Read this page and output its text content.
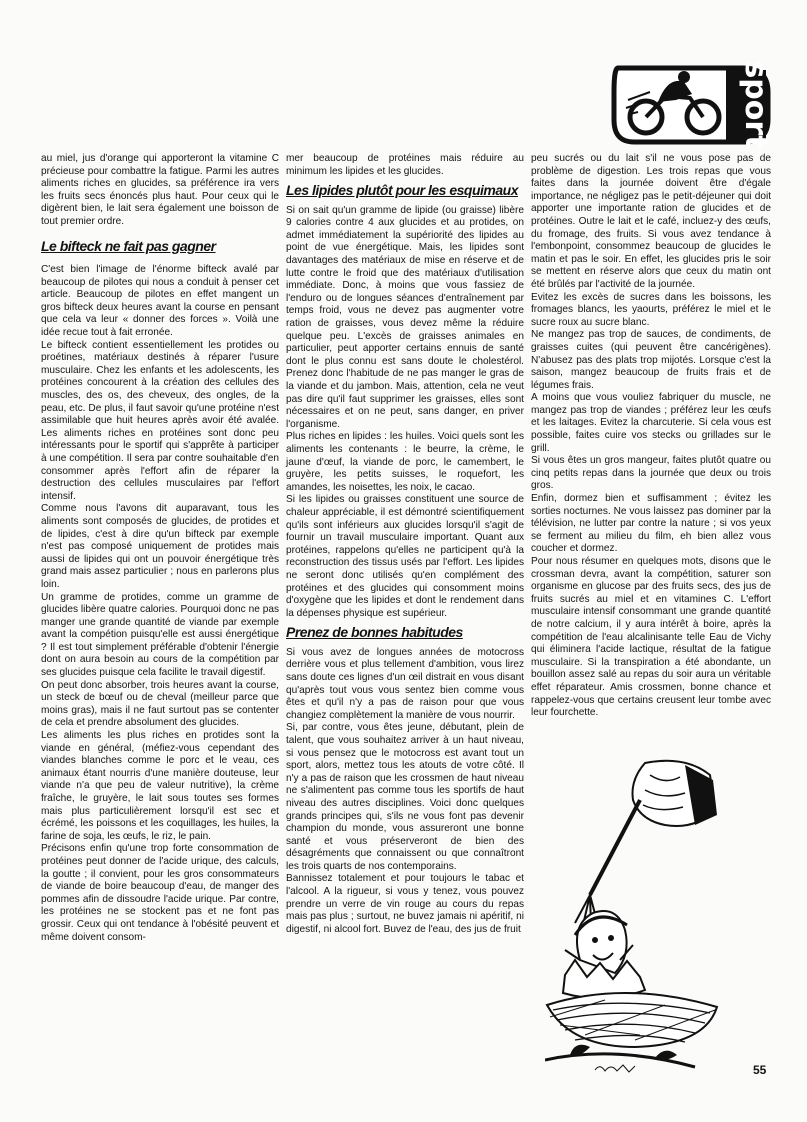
sport

au miel, jus d'orange qui apporteront la vitamine C précieuse pour combattre la fatigue. Parmi les autres aliments riches en glucides, sa préférence ira vers les fruits secs énoncés plus haut. Pour ceux qui le digèrent bien, le lait sera également une boisson de tout premier ordre.

Le bifteck ne fait pas gagner

C'est bien l'image de l'énorme bifteck avalé par beaucoup de pilotes qui nous a conduit à penser cet article. Beaucoup de pilotes en effet mangent un gros bifteck deux heures avant la course en pensant que cela va leur « donner des forces ». Voilà une idée recue tout à fait erronée.

Le bifteck contient essentiellement les protides ou proétines, matériaux destinés à réparer l'usure musculaire. Chez les enfants et les adolescents, les protéines concourent à la création des cellules des muscles, des os, des cheveux, des ongles, de la peau, etc. De plus, il faut savoir qu'une protéine n'est assimilable que huit heures après avoir été avalée. Les aliments riches en protéines sont donc peu intéressants pour le sportif qui s'apprête à participer à une compétition. Il sera par contre souhaitable d'en consommer après l'effort afin de réparer la destruction des cellules musculaires par l'effort intensif.

Comme nous l'avons dit auparavant, tous les aliments sont composés de glucides, de protides et de lipides, c'est à dire qu'un bifteck par exemple n'est pas composé uniquement de protides mais aussi de lipides qui ont un pouvoir énergétique très grand mais assez particulier ; nous en parlerons plus loin.

Un gramme de protides, comme un gramme de glucides libère quatre calories. Pourquoi donc ne pas manger une grande quantité de viande par exemple avant la compétion puisqu'elle est aussi énergétique ? Il est tout simplement préférable d'obtenir l'énergie dont on aura besoin au cours de la compétition par ses glucides puisque cela facilite le travail digestif.

On peut donc absorber, trois heures avant la course, un steck de bœuf ou de cheval (meilleur parce que moins gras), mais il ne faut surtout pas se contenter de cela et prendre absolument des glucides.

Les aliments les plus riches en protides sont la viande en général, (méfiez-vous cependant des viandes blanches comme le porc et le veau, ces animaux étant nourris d'une manière douteuse, leur viande n'a que peu de valeur nutritive), la crème fraîche, le gruyère, le lait sous toutes ses formes mais plus particulièrement lorsqu'il est sec et écrémé, les poissons et les coquillages, les huiles, la farine de soja, les œufs, le riz, le pain.

Précisons enfin qu'une trop forte consommation de protéines peut donner de l'acide urique, des calculs, la goutte ; il convient, pour les gros consommateurs de viande de boire beaucoup d'eau, de manger des pommes afin de dissoudre l'acide urique. Par contre, les protéines ne se stockent pas et ne font pas grossir. Ceux qui ont tendance à l'obésité peuvent et même doivent consom-

mer beaucoup de protéines mais réduire au minimum les lipides et les glucides.

Les lipides plutôt pour les esquimaux

Si on sait qu'un gramme de lipide (ou graisse) libère 9 calories contre 4 aux glucides et au protides, on admet immédiatement la supériorité des lipides au point de vue énergétique. Mais, les lipides sont davantages des matériaux de mise en réserve et de lutte contre le froid que des matériaux d'utilisation immédiate. Donc, à moins que vous fassiez de l'enduro ou de longues séances d'entraînement par temps froid, vous ne devez pas augmenter votre ration de graisses, vous devez même la réduire quelque peu. L'excès de graisses animales en particulier, peut apporter certains ennuis de santé dont le plus connu est sans doute le cholestérol. Prenez donc l'habitude de ne pas manger le gras de la viande et du jambon. Mais, attention, cela ne veut pas dire qu'il faut supprimer les graisses, elles sont nécessaires et on ne peut, sans danger, en priver l'organisme.

Plus riches en lipides : les huiles. Voici quels sont les aliments les contenants : le beurre, la crème, le jaune d'œuf, la viande de porc, le camembert, le gruyère, les petits suisses, le roquefort, les amandes, les noisettes, les noix, le cacao.

Si les lipides ou graisses constituent une source de chaleur appréciable, il est démontré scientifiquement qu'ils sont inférieurs aux glucides lorsqu'il s'agit de fournir un travail musculaire important. Quant aux protéines, rappelons qu'elles ne participent qu'à la reconstruction des tissus usés par l'effort. Les lipides ne seront donc utilisés qu'en complément des protéines et des glucides qui consomment moins d'oxygène que les lipides et dont le rendement dans la dépenses physique est supérieur.

Prenez de bonnes habitudes

Si vous avez de longues années de motocross derrière vous et plus tellement d'ambition, vous lirez sans doute ces lignes d'un œil distrait en vous disant qu'après tout vous vous sentez bien comme vous êtes et qu'il n'y a pas de raison pour que vous changiez complètement la manière de vous nourrir.

Si, par contre, vous êtes jeune, débutant, plein de talent, que vous souhaitez arriver à un haut niveau, si vous pensez que le motocross est avant tout un sport, alors, mettez tous les atouts de votre côté. Il n'y a pas de raison que les crossmen de haut niveau ne s'alimentent pas comme tous les sportifs de haut niveau des autres disciplines. Voici donc quelques grands principes qui, s'ils ne vous font pas devenir champion du monde, vous assureront une bonne santé et vous préserveront de bien des désagréments que connaissent ou que connaîtront les trois quarts de nos contemporains.

Bannissez totalement et pour toujours le tabac et l'alcool. A la rigueur, si vous y tenez, vous pouvez prendre un verre de vin rouge au cours du repas mais pas plus ; surtout, ne buvez jamais ni apéritif, ni digestif, ni alcool fort. Buvez de l'eau, des jus de fruit

peu sucrés ou du lait s'il ne vous pose pas de problème de digestion. Les trois repas que vous faites dans la journée doivent être d'égale importance, ne négligez pas le petit-déjeuner qui doit apporter une importante ration de glucides et de protéines. Outre le lait et le café, incluez-y des œufs, du fromage, des fruits. Si vous avez tendance à l'embonpoint, consommez beaucoup de glucides le matin et pas le soir. En effet, les glucides pris le soir se mettent en réserve alors que ceux du matin ont été brûlés par l'activité de la journée.

Evitez les excès de sucres dans les boissons, les fromages blancs, les yaourts, préférez le miel et le sucre roux au sucre blanc.

Ne mangez pas trop de sauces, de condiments, de graisses cuites (qui peuvent être cancérigènes). N'abusez pas des plats trop mijotés. Lorsque c'est la saison, mangez beaucoup de fruits frais et de légumes frais.

A moins que vous vouliez fabriquer du muscle, ne mangez pas trop de viandes ; préférez leur les œufs et les laitages. Evitez la charcuterie. Si cela vous est possible, faites cuire vos stecks ou grillades sur le grill.

Si vous êtes un gros mangeur, faites plutôt quatre ou cinq petits repas dans la journée que deux ou trois gros.

Enfin, dormez bien et suffisamment ; évitez les sorties nocturnes. Ne vous laissez pas dominer par la télévision, ne lutter par contre la nature ; si vos yeux se ferment au milieu du film, eh bien allez vous coucher et dormez.

Pour nous résumer en quelques mots, disons que le crossman devra, avant la compétition, saturer son organisme en glucose par des fruits secs, des jus de fruits sucrés au miel et en vitamines C. L'effort musculaire intensif consommant une grande quantité de notre calcium, il y aura intérêt à boire, après la compétition de l'eau alcalinisante telle Eau de Vichy qui éliminera l'acide lactique, résultat de la fatigue musculaire. Si la transpiration a été abondante, un bouillon assez salé au repas du soir aura un véritable effet réparateur. Amis crossmen, bonne chance et rappelez-vous que certains creusent leur tombe avec leur fourchette.

55
